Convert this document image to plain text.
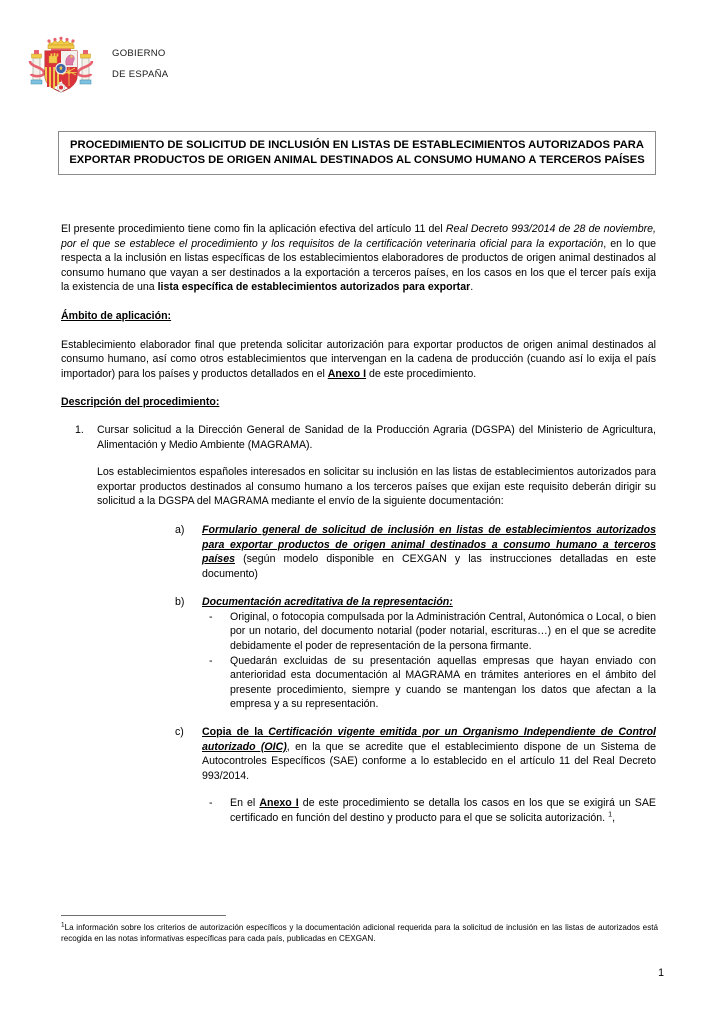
GOBIERNO
DE ESPAÑA
PROCEDIMIENTO DE SOLICITUD DE INCLUSIÓN EN LISTAS DE ESTABLECIMIENTOS AUTORIZADOS PARA EXPORTAR PRODUCTOS DE ORIGEN ANIMAL DESTINADOS AL CONSUMO HUMANO A TERCEROS PAÍSES

El presente procedimiento tiene como fin la aplicación efectiva del artículo 11 del Real Decreto 993/2014 de 28 de noviembre, por el que se establece el procedimiento y los requisitos de la certificación veterinaria oficial para la exportación, en lo que respecta a la inclusión en listas específicas de los establecimientos elaboradores de productos de origen animal destinados al consumo humano que vayan a ser destinados a la exportación a terceros países, en los casos en los que el tercer país exija la existencia de una lista específica de establecimientos autorizados para exportar.

Ámbito de aplicación:

Establecimiento elaborador final que pretenda solicitar autorización para exportar productos de origen animal destinados al consumo humano, así como otros establecimientos que intervengan en la cadena de producción (cuando así lo exija el país importador) para los países y productos detallados en el Anexo I de este procedimiento.

Descripción del procedimiento:
1.	Cursar solicitud a la Dirección General de Sanidad de la Producción Agraria (DGSPA) del Ministerio de Agricultura, Alimentación y Medio Ambiente (MAGRAMA).

Los establecimientos españoles interesados en solicitar su inclusión en las listas de establecimientos autorizados para exportar productos destinados al consumo humano a los terceros países que exijan este requisito deberán dirigir su solicitud a la DGSPA del MAGRAMA mediante el envío de la siguiente documentación:

a)	Formulario general de solicitud de inclusión en listas de establecimientos autorizados para exportar productos de origen animal destinados a consumo humano a terceros países (según modelo disponible en CEXGAN y las instrucciones detalladas en este documento)

b)	Documentación acreditativa de la representación:

-	Original, o fotocopia compulsada por la Administración Central, Autonómica o Local, o bien por un notario, del documento notarial (poder notarial, escrituras…) en el que se acredite debidamente el poder de representación de la persona firmante.

-	Quedarán excluidas de su presentación aquellas empresas que hayan enviado con anterioridad esta documentación al MAGRAMA en trámites anteriores en el ámbito del presente procedimiento, siempre y cuando se mantengan los datos que afectan a la empresa y a su representación.

c)	Copia de la Certificación vigente emitida por un Organismo Independiente de Control autorizado (OIC), en la que se acredite que el establecimiento dispone de un Sistema de Autocontroles Específicos (SAE) conforme a lo establecido en el artículo 11 del Real Decreto 993/2014.

-	En el Anexo I de este procedimiento se detalla los casos en los que se exigirá un SAE certificado en función del destino y producto para el que se solicita autorización. $^1$,

$^1$La información sobre los criterios de autorización específicos y la documentación adicional requerida para la solicitud de inclusión en las listas de autorizados está recogida en las notas informativas específicas para cada país, publicadas en CEXGAN.
1
